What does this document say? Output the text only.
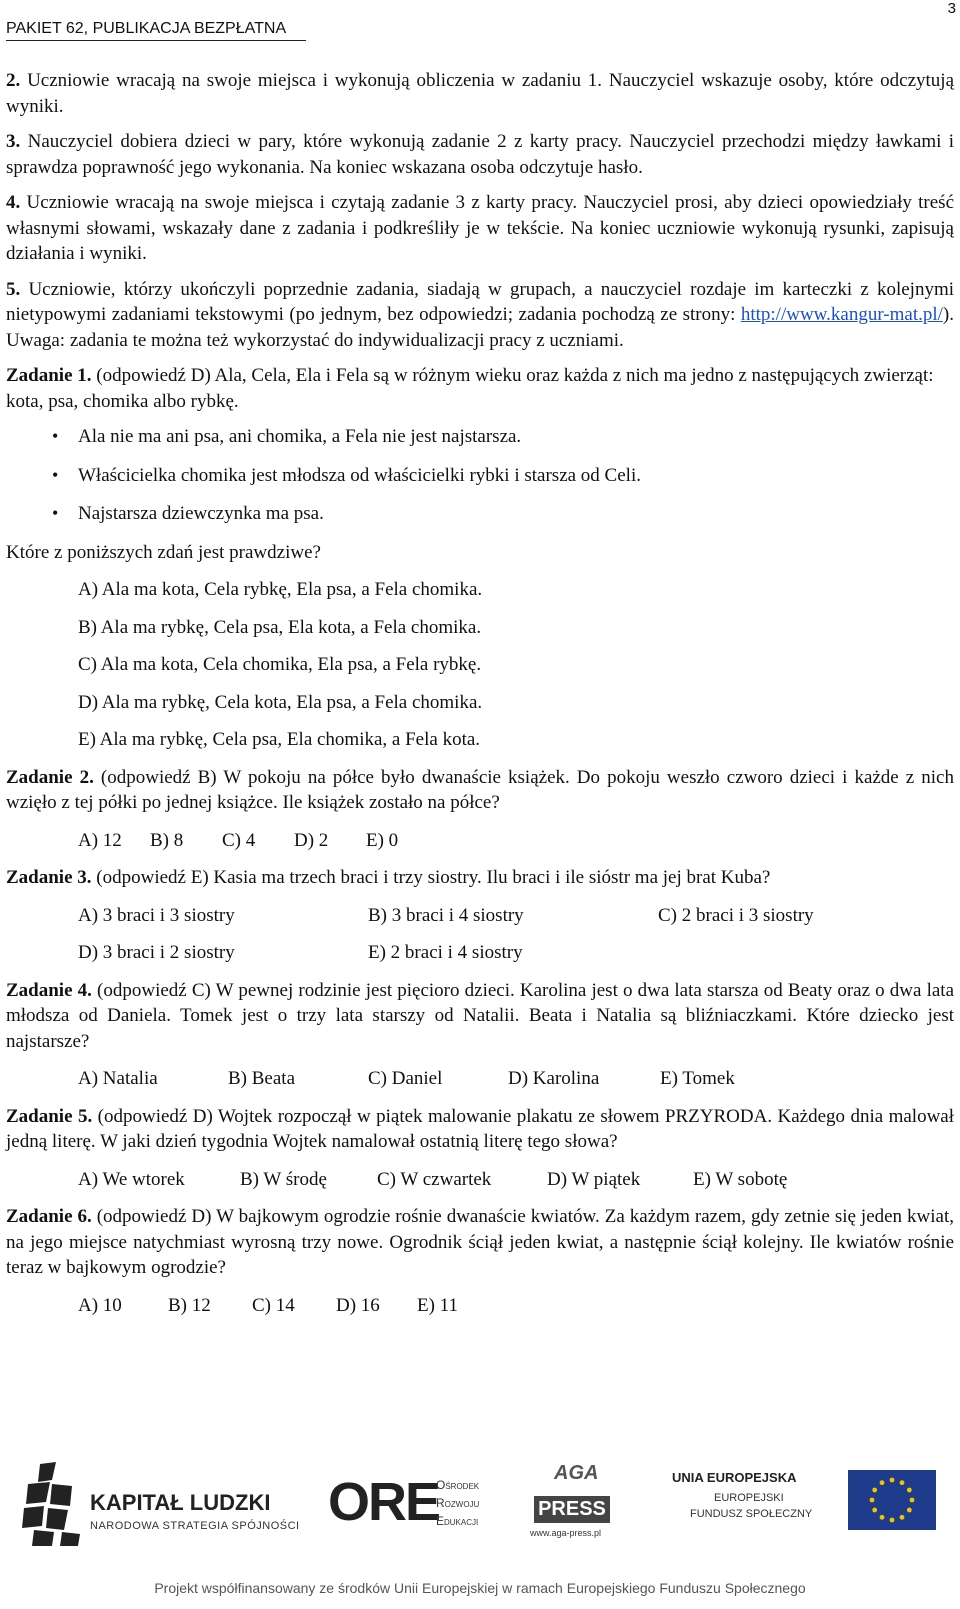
PAKIET 62, PUBLIKACJA BEZPŁATNA
3

2. Uczniowie wracają na swoje miejsca i wykonują obliczenia w zadaniu 1. Nauczyciel wskazuje osoby, które odczytują wyniki.

3. Nauczyciel dobiera dzieci w pary, które wykonują zadanie 2 z karty pracy. Nauczyciel przechodzi między ławkami i sprawdza poprawność jego wykonania. Na koniec wskazana osoba odczytuje hasło.

4. Uczniowie wracają na swoje miejsca i czytają zadanie 3 z karty pracy. Nauczyciel prosi, aby dzieci opowiedziały treść własnymi słowami, wskazały dane z zadania i podkreśliły je w tekście. Na koniec uczniowie wykonują rysunki, zapisują działania i wyniki.

5. Uczniowie, którzy ukończyli poprzednie zadania, siadają w grupach, a nauczyciel rozdaje im karteczki z kolejnymi nietypowymi zadaniami tekstowymi (po jednym, bez odpowiedzi; zadania pochodzą ze strony: http://www.kangur-mat.pl/). Uwaga: zadania te można też wykorzystać do indywidualizacji pracy z uczniami.

Zadanie 1. (odpowiedź D) Ala, Cela, Ela i Fela są w różnym wieku oraz każda z nich ma jedno z następujących zwierząt: kota, psa, chomika albo rybkę.

• Ala nie ma ani psa, ani chomika, a Fela nie jest najstarsza.
• Właścicielka chomika jest młodsza od właścicielki rybki i starsza od Celi.
• Najstarsza dziewczynka ma psa.

Które z poniższych zdań jest prawdziwe?

A) Ala ma kota, Cela rybkę, Ela psa, a Fela chomika.
B) Ala ma rybkę, Cela psa, Ela kota, a Fela chomika.
C) Ala ma kota, Cela chomika, Ela psa, a Fela rybkę.
D) Ala ma rybkę, Cela kota, Ela psa, a Fela chomika.
E) Ala ma rybkę, Cela psa, Ela chomika, a Fela kota.

Zadanie 2. (odpowiedź B) W pokoju na półce było dwanaście książek. Do pokoju weszło czworo dzieci i każde z nich wzięło z tej półki po jednej książce. Ile książek zostało na półce?

A) 12 B) 8 C) 4 D) 2 E) 0

Zadanie 3. (odpowiedź E) Kasia ma trzech braci i trzy siostry. Ilu braci i ile sióstr ma jej brat Kuba?

A) 3 braci i 3 siostry	B) 3 braci i 4 siostry	C) 2 braci i 3 siostry
D) 3 braci i 2 siostry	E) 2 braci i 4 siostry

Zadanie 4. (odpowiedź C) W pewnej rodzinie jest pięcioro dzieci. Karolina jest o dwa lata starsza od Beaty oraz o dwa lata młodsza od Daniela. Tomek jest o trzy lata starszy od Natalii. Beata i Natalia są bliźniaczkami. Które dziecko jest najstarsze?

A) Natalia	B) Beata	C) Daniel	D) Karolina	E) Tomek

Zadanie 5. (odpowiedź D) Wojtek rozpoczął w piątek malowanie plakatu ze słowem PRZYRODA. Każdego dnia malował jedną literę. W jaki dzień tygodnia Wojtek namalował ostatnią literę tego słowa?

A) We wtorek	B) W środę	C) W czwartek	D) W piątek	E) W sobotę

Zadanie 6. (odpowiedź D) W bajkowym ogrodzie rośnie dwanaście kwiatów. Za każdym razem, gdy zetnie się jeden kwiat, na jego miejsce natychmiast wyrosną trzy nowe. Ogrodnik ściął jeden kwiat, a następnie ściął kolejny. Ile kwiatów rośnie teraz w bajkowym ogrodzie?

A) 10 B) 12 C) 14 D) 16 E) 11
KAPITAŁ LUDZKI
NARODOWA STRATEGIA SPÓJNOŚCI ORE
Ośrodek
Rozwoju
Edukacji
AGA
PRESS
www.aga-press.pl
UNIA EUROPEJSKA
EUROPEJSKI
FUNDUSZ SPOŁECZNY
Projekt współfinansowany ze środków Unii Europejskiej w ramach Europejskiego Funduszu Społecznego
